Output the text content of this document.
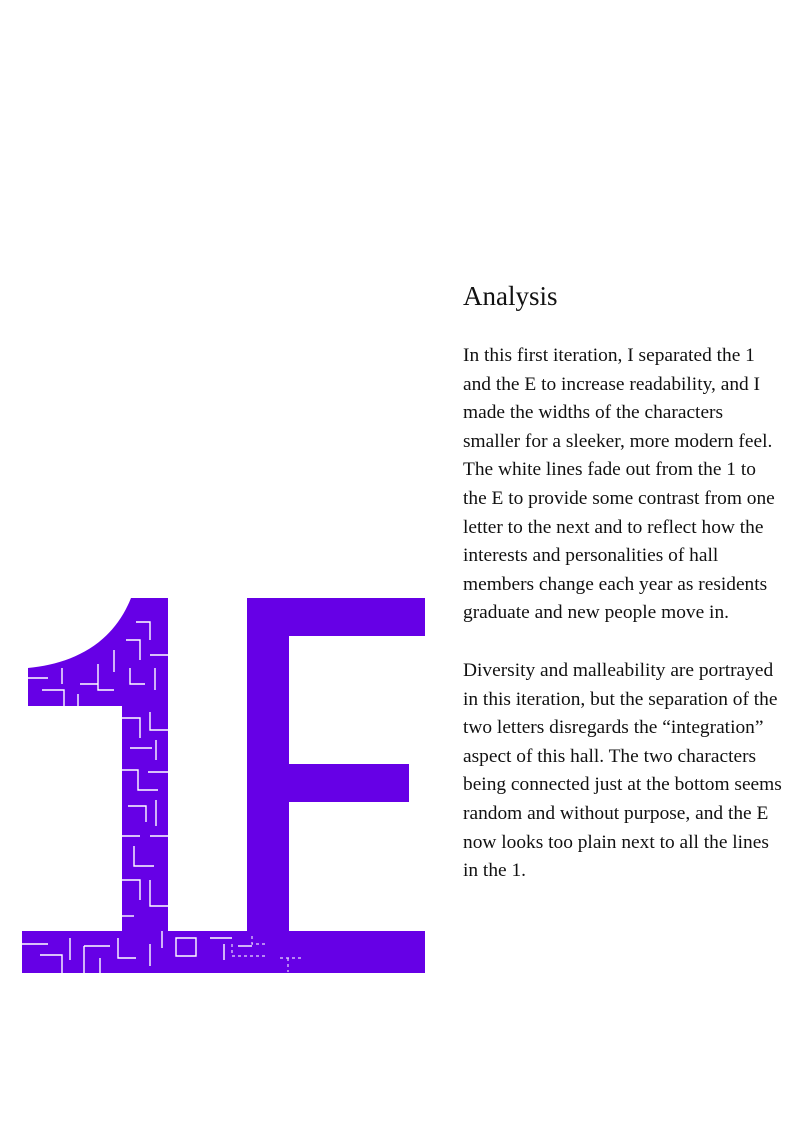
Analysis

In this first iteration, I separated the 1 and the E to increase readability, and I made the widths of the characters smaller for a sleeker, more modern feel. The white lines fade out from the 1 to the E to provide some contrast from one letter to the next and to reflect how the interests and personalities of hall members change each year as residents graduate and new people move in.

Diversity and malleability are portrayed in this iteration, but the separation of the two letters disregards the “integration” aspect of this hall. The two characters being connected just at the bottom seems random and without purpose, and the E now looks too plain next to all the lines in the 1.
